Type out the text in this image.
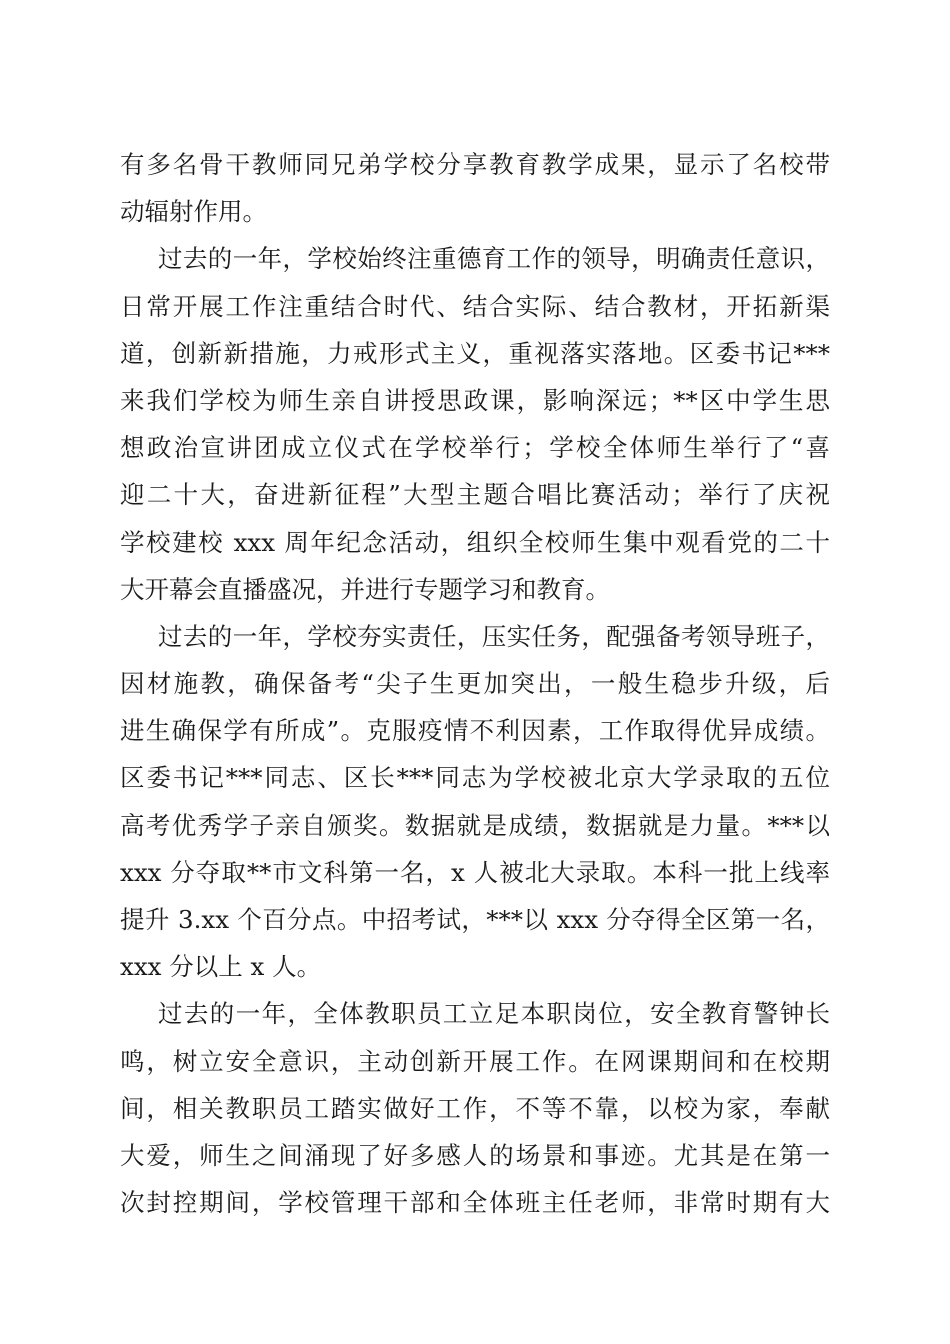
有多名骨干教师同兄弟学校分享教育教学成果，显示了名校带
动辐射作用。
过去的一年，学校始终注重德育工作的领导，明确责任意识，
日常开展工作注重结合时代、结合实际、结合教材，开拓新渠
道，创新新措施，力戒形式主义，重视落实落地。区委书记***
来我们学校为师生亲自讲授思政课，影响深远；**区中学生思
想政治宣讲团成立仪式在学校举行；学校全体师生举行了“喜
迎二十大，奋进新征程”大型主题合唱比赛活动；举行了庆祝
学校建校 xxx 周年纪念活动，组织全校师生集中观看党的二十
大开幕会直播盛况，并进行专题学习和教育。
过去的一年，学校夯实责任，压实任务，配强备考领导班子，
因材施教，确保备考“尖子生更加突出，一般生稳步升级，后
进生确保学有所成”。克服疫情不利因素，工作取得优异成绩。
区委书记***同志、区长***同志为学校被北京大学录取的五位
高考优秀学子亲自颁奖。数据就是成绩，数据就是力量。***以
xxx 分夺取**市文科第一名，x 人被北大录取。本科一批上线率
提升 3.xx 个百分点。中招考试，***以 xxx 分夺得全区第一名，
xxx 分以上 x 人。
过去的一年，全体教职员工立足本职岗位，安全教育警钟长
鸣，树立安全意识，主动创新开展工作。在网课期间和在校期
间，相关教职员工踏实做好工作，不等不靠，以校为家，奉献
大爱，师生之间涌现了好多感人的场景和事迹。尤其是在第一
次封控期间，学校管理干部和全体班主任老师，非常时期有大
